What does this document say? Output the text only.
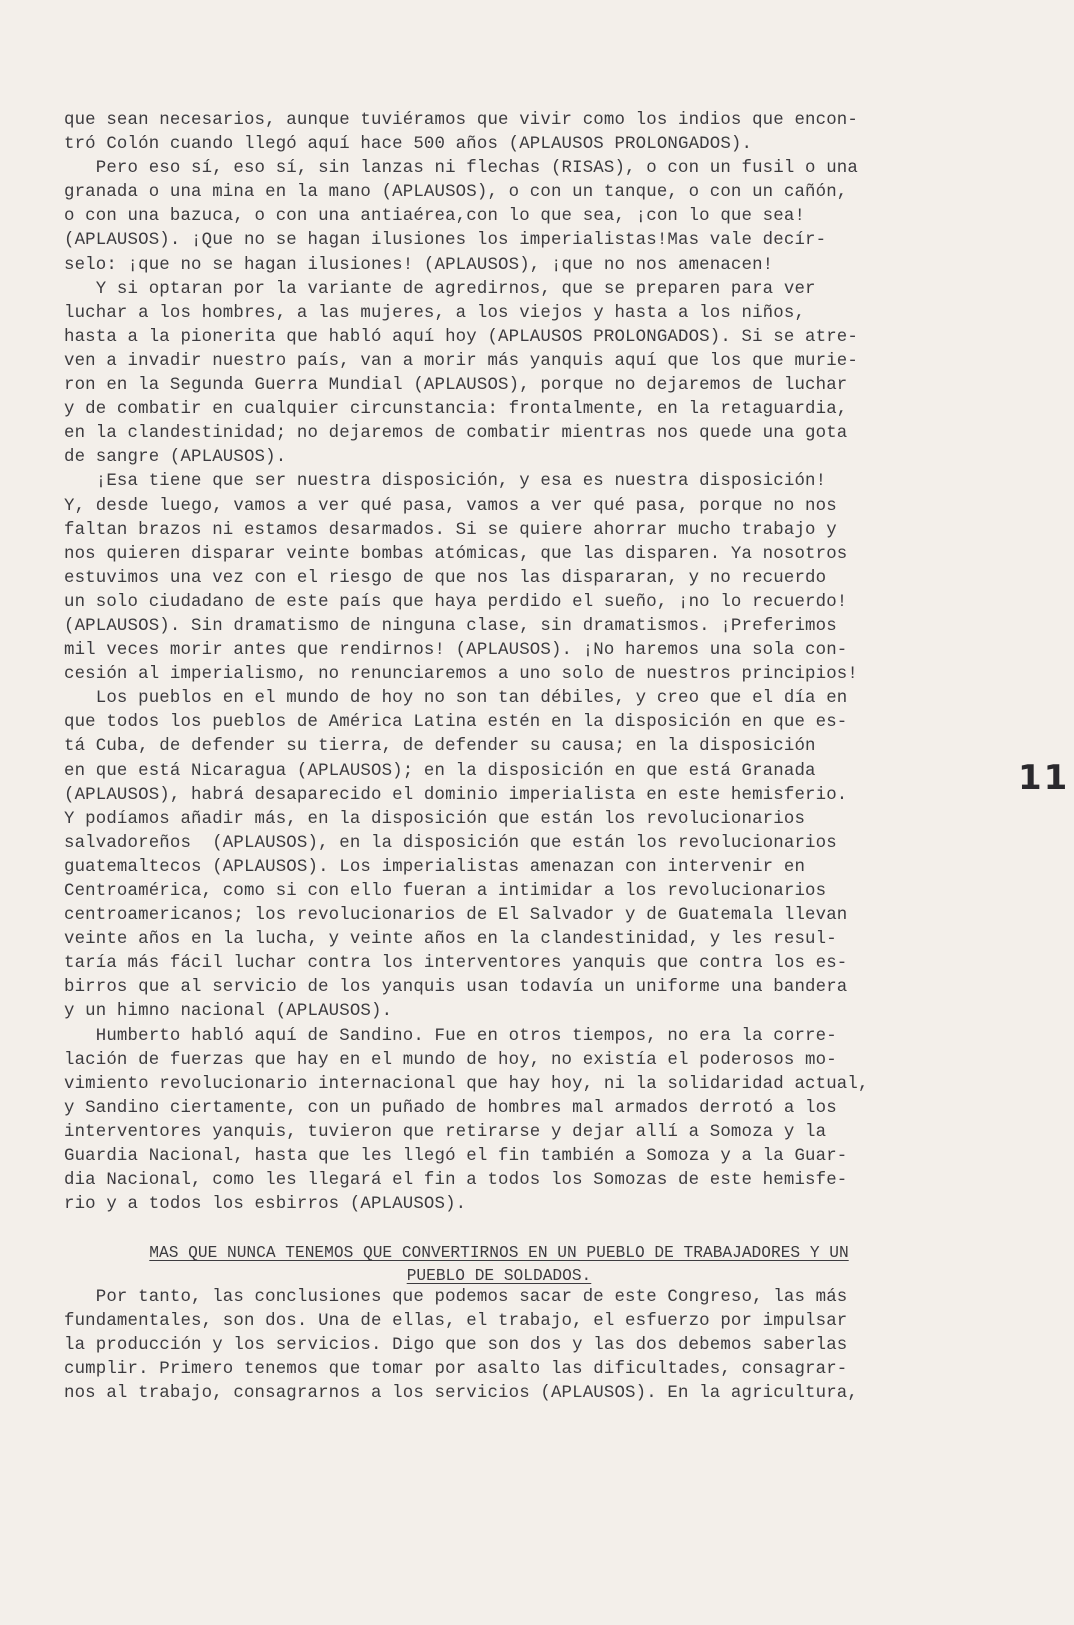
que sean necesarios, aunque tuviéramos que vivir como los indios que encon-
tró Colón cuando llegó aquí hace 500 años (APLAUSOS PROLONGADOS).
Pero eso sí, eso sí, sin lanzas ni flechas (RISAS), o con un fusil o una
granada o una mina en la mano (APLAUSOS), o con un tanque, o con un cañón,
o con una bazuca, o con una antiaérea,con lo que sea, ¡con lo que sea!
(APLAUSOS). ¡Que no se hagan ilusiones los imperialistas!Mas vale decír-
selo: ¡que no se hagan ilusiones! (APLAUSOS), ¡que no nos amenacen!
Y si optaran por la variante de agredirnos, que se preparen para ver
luchar a los hombres, a las mujeres, a los viejos y hasta a los niños,
hasta a la pionerita que habló aquí hoy (APLAUSOS PROLONGADOS). Si se atre-
ven a invadir nuestro país, van a morir más yanquis aquí que los que murie-
ron en la Segunda Guerra Mundial (APLAUSOS), porque no dejaremos de luchar
y de combatir en cualquier circunstancia: frontalmente, en la retaguardia,
en la clandestinidad; no dejaremos de combatir mientras nos quede una gota
de sangre (APLAUSOS).
¡Esa tiene que ser nuestra disposición, y esa es nuestra disposición!
Y, desde luego, vamos a ver qué pasa, vamos a ver qué pasa, porque no nos
faltan brazos ni estamos desarmados. Si se quiere ahorrar mucho trabajo y
nos quieren disparar veinte bombas atómicas, que las disparen. Ya nosotros
estuvimos una vez con el riesgo de que nos las dispararan, y no recuerdo
un solo ciudadano de este país que haya perdido el sueño, ¡no lo recuerdo!
(APLAUSOS). Sin dramatismo de ninguna clase, sin dramatismos. ¡Preferimos
mil veces morir antes que rendirnos! (APLAUSOS). ¡No haremos una sola con-
cesión al imperialismo, no renunciaremos a uno solo de nuestros principios!
Los pueblos en el mundo de hoy no son tan débiles, y creo que el día en
que todos los pueblos de América Latina estén en la disposición en que es-
tá Cuba, de defender su tierra, de defender su causa; en la disposición
en que está Nicaragua (APLAUSOS); en la disposición en que está Granada
(APLAUSOS), habrá desaparecido el dominio imperialista en este hemisferio.
Y podíamos añadir más, en la disposición que están los revolucionarios
salvadoreños  (APLAUSOS), en la disposición que están los revolucionarios
guatemaltecos (APLAUSOS). Los imperialistas amenazan con intervenir en
Centroamérica, como si con ello fueran a intimidar a los revolucionarios
centroamericanos; los revolucionarios de El Salvador y de Guatemala llevan
veinte años en la lucha, y veinte años en la clandestinidad, y les resul-
taría más fácil luchar contra los interventores yanquis que contra los es-
birros que al servicio de los yanquis usan todavía un uniforme una bandera
y un himno nacional (APLAUSOS).
Humberto habló aquí de Sandino. Fue en otros tiempos, no era la corre-
lación de fuerzas que hay en el mundo de hoy, no existía el poderosos mo-
vimiento revolucionario internacional que hay hoy, ni la solidaridad actual,
y Sandino ciertamente, con un puñado de hombres mal armados derrotó a los
interventores yanquis, tuvieron que retirarse y dejar allí a Somoza y la
Guardia Nacional, hasta que les llegó el fin también a Somoza y a la Guar-
dia Nacional, como les llegará el fin a todos los Somozas de este hemisfe-
rio y a todos los esbirros (APLAUSOS).
MAS QUE NUNCA TENEMOS QUE CONVERTIRNOS EN UN PUEBLO DE TRABAJADORES Y UN
PUEBLO DE SOLDADOS.
Por tanto, las conclusiones que podemos sacar de este Congreso, las más
fundamentales, son dos. Una de ellas, el trabajo, el esfuerzo por impulsar
la producción y los servicios. Digo que son dos y las dos debemos saberlas
cumplir. Primero tenemos que tomar por asalto las dificultades, consagrar-
nos al trabajo, consagrarnos a los servicios (APLAUSOS). En la agricultura,
11
